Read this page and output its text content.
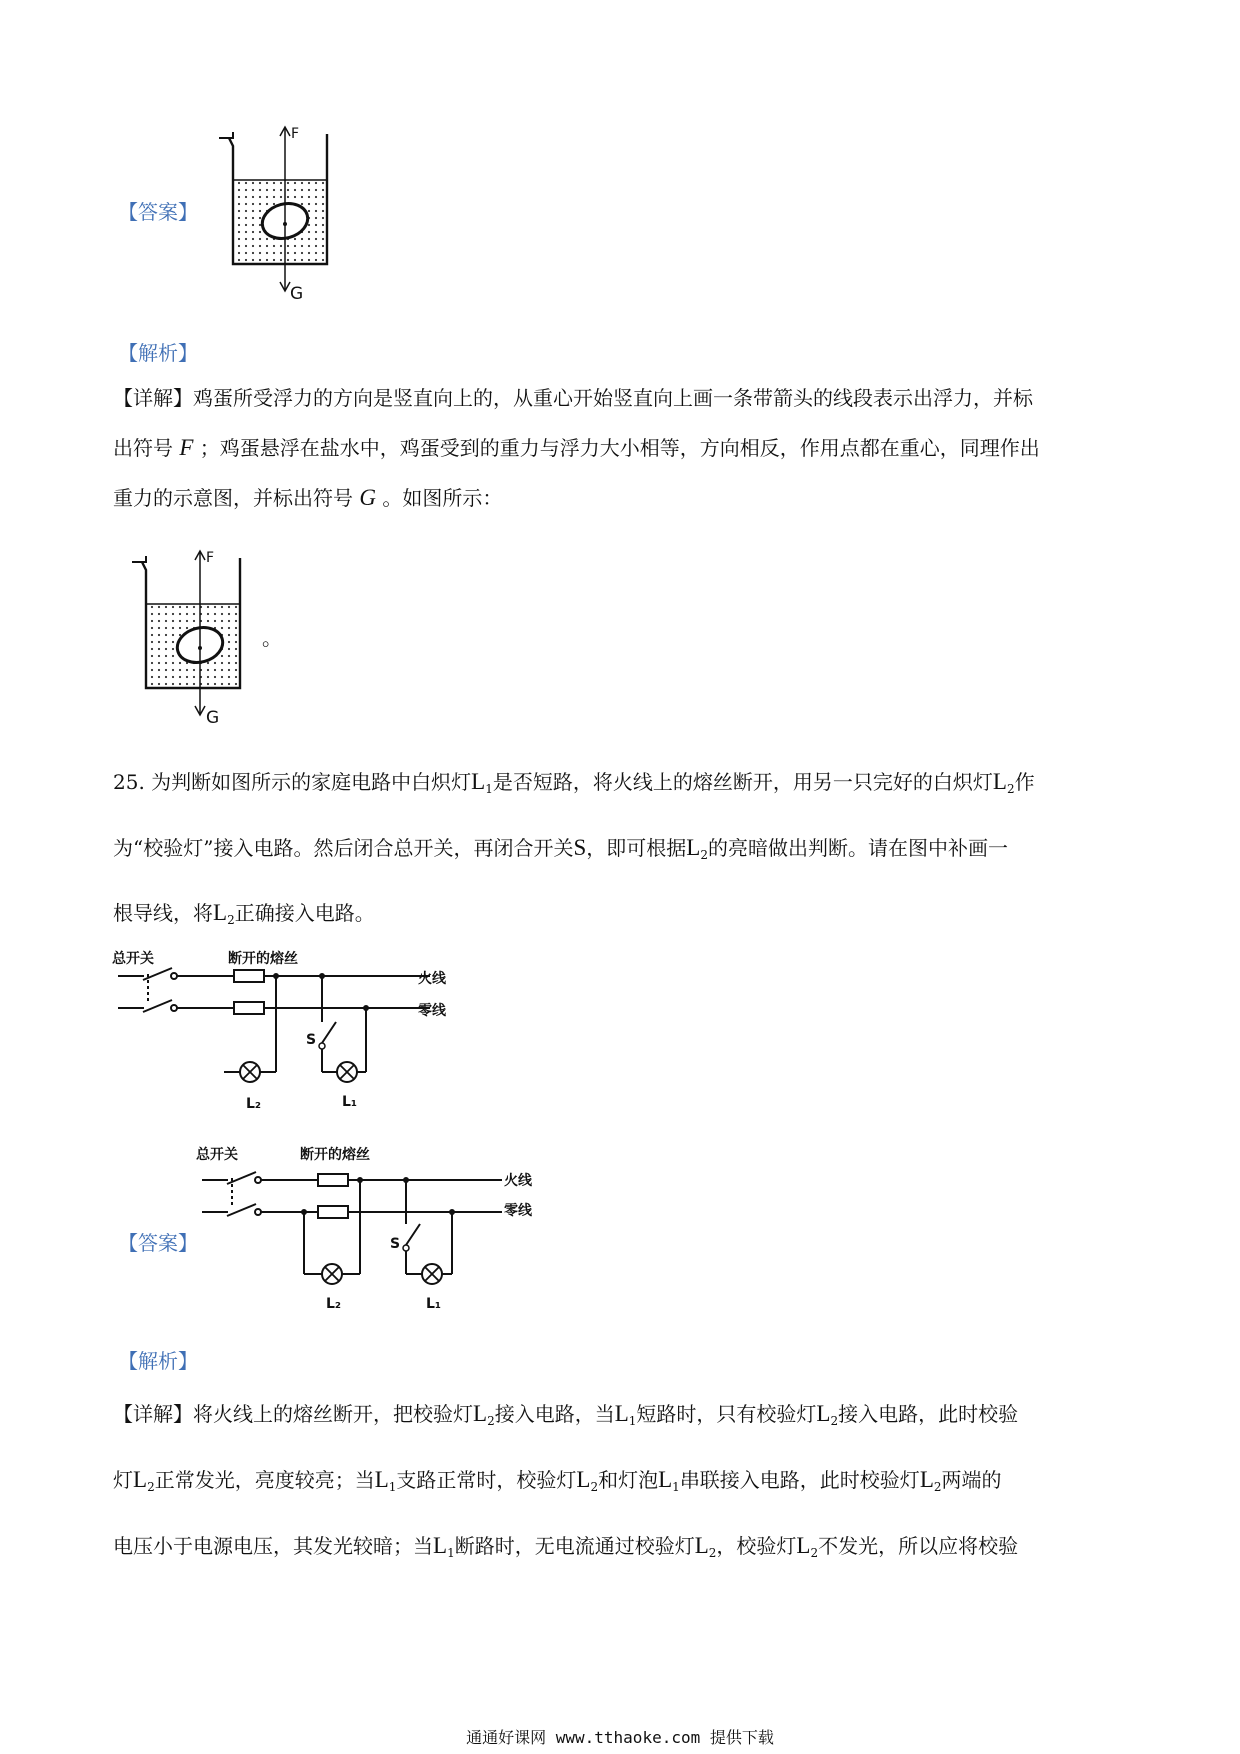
【答案】
F
G
【解析】
【详解】鸡蛋所受浮力的方向是竖直向上的，从重心开始竖直向上画一条带箭头的线段表示出浮力，并标
出符号 F ；鸡蛋悬浮在盐水中，鸡蛋受到的重力与浮力大小相等，方向相反，作用点都在重心，同理作出
重力的示意图，并标出符号 G 。如图所示：
F
G
。
25. 为判断如图所示的家庭电路中白炽灯$L_1$是否短路，将火线上的熔丝断开，用另一只完好的白炽灯$L_2$作
为“校验灯”接入电路。然后闭合总开关，再闭合开关S，即可根据$L_2$的亮暗做出判断。请在图中补画一
根导线，将$L_2$正确接入电路。
总开关	断开的熔丝
火线
零线
S
L₂	L₁
【答案】
总开关	断开的熔丝
火线
零线
S
L₂	L₁
【解析】
【详解】将火线上的熔丝断开，把校验灯$L_2$接入电路，当$L_1$短路时，只有校验灯$L_2$接入电路，此时校验
灯$L_2$正常发光，亮度较亮；当$L_1$支路正常时，校验灯$L_2$和灯泡$L_1$串联接入电路，此时校验灯$L_2$两端的
电压小于电源电压，其发光较暗；当$L_1$断路时，无电流通过校验灯$L_2$，校验灯$L_2$不发光，所以应将校验
通通好课网 www.tthaoke.com 提供下载
